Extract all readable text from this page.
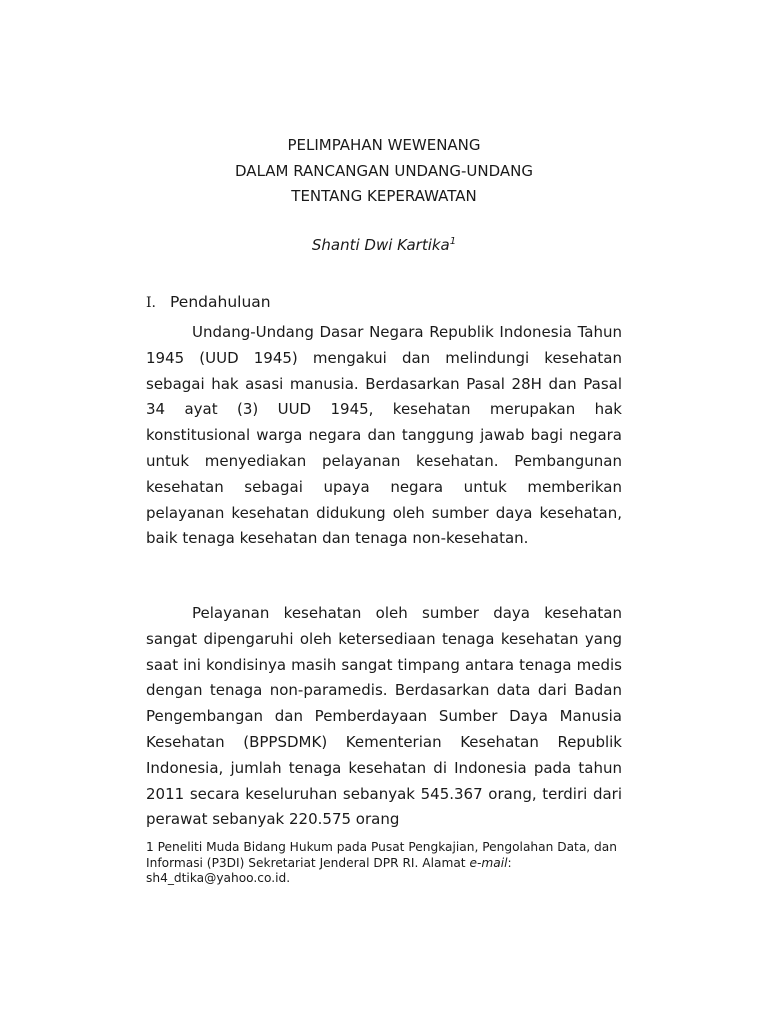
PELIMPAHAN WEWENANG
DALAM RANCANGAN UNDANG-UNDANG
TENTANG KEPERAWATAN
Shanti Dwi Kartika$^1$
I. Pendahuluan
Undang-Undang Dasar Negara Republik Indonesia Tahun 1945 (UUD 1945) mengakui dan melindungi kesehatan sebagai hak asasi manusia. Berdasarkan Pasal 28H dan Pasal 34 ayat (3) UUD 1945, kesehatan merupakan hak konstitusional warga negara dan tanggung jawab bagi negara untuk menyediakan pelayanan kesehatan. Pembangunan kesehatan sebagai upaya negara untuk memberikan pelayanan kesehatan didukung oleh sumber daya kesehatan, baik tenaga kesehatan dan tenaga non-kesehatan.
Pelayanan kesehatan oleh sumber daya kesehatan sangat dipengaruhi oleh ketersediaan tenaga kesehatan yang saat ini kondisinya masih sangat timpang antara tenaga medis dengan tenaga non-paramedis. Berdasarkan data dari Badan Pengembangan dan Pemberdayaan Sumber Daya Manusia Kesehatan (BPPSDMK) Kementerian Kesehatan Republik Indonesia, jumlah tenaga kesehatan di Indonesia pada tahun 2011 secara keseluruhan sebanyak 545.367 orang, terdiri dari perawat sebanyak 220.575 orang
1 Peneliti Muda Bidang Hukum pada Pusat Pengkajian, Pengolahan Data, dan Informasi (P3DI) Sekretariat Jenderal DPR RI. Alamat e-mail: sh4_dtika@yahoo.co.id.
